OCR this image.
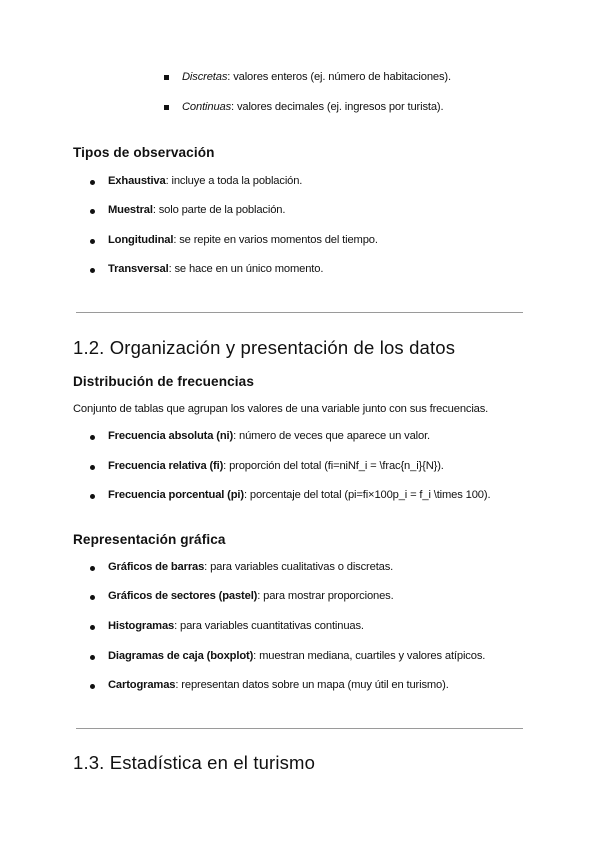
Discretas: valores enteros (ej. número de habitaciones).
Continuas: valores decimales (ej. ingresos por turista).
Tipos de observación
Exhaustiva: incluye a toda la población.
Muestral: solo parte de la población.
Longitudinal: se repite en varios momentos del tiempo.
Transversal: se hace en un único momento.
1.2. Organización y presentación de los datos
Distribución de frecuencias
Conjunto de tablas que agrupan los valores de una variable junto con sus frecuencias.
Frecuencia absoluta (ni): número de veces que aparece un valor.
Frecuencia relativa (fi): proporción del total (fi=niNf_i = \frac{n_i}{N}).
Frecuencia porcentual (pi): porcentaje del total (pi=fi×100p_i = f_i \times 100).
Representación gráfica
Gráficos de barras: para variables cualitativas o discretas.
Gráficos de sectores (pastel): para mostrar proporciones.
Histogramas: para variables cuantitativas continuas.
Diagramas de caja (boxplot): muestran mediana, cuartiles y valores atípicos.
Cartogramas: representan datos sobre un mapa (muy útil en turismo).
1.3. Estadística en el turismo
